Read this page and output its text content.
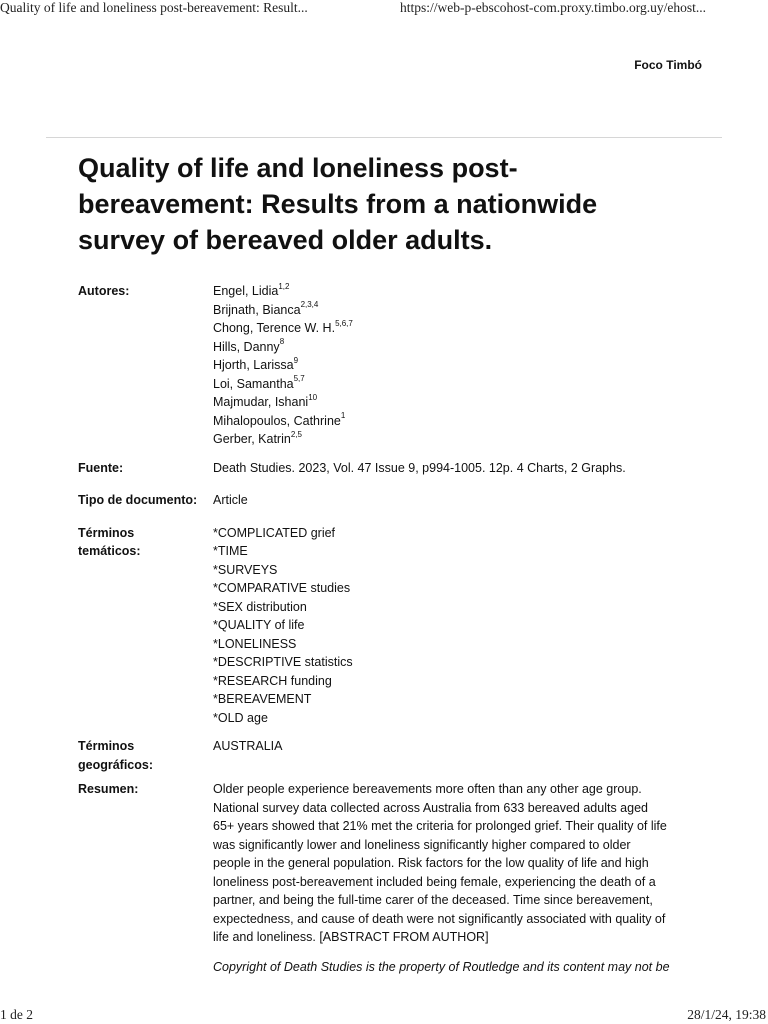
Quality of life and loneliness post-bereavement: Result...	https://web-p-ebscohost-com.proxy.timbo.org.uy/ehost...
Foco Timbó
Quality of life and loneliness post-bereavement: Results from a nationwide survey of bereaved older adults.
Autores:	Engel, Lidia$^{1,2}$
Brijnath, Bianca$^{2,3,4}$
Chong, Terence W. H.$^{5,6,7}$
Hills, Danny$^8$
Hjorth, Larissa$^9$
Loi, Samantha$^{5,7}$
Majmudar, Ishani$^{10}$
Mihalopoulos, Cathrine$^1$
Gerber, Katrin$^{2,5}$
Fuente:	Death Studies. 2023, Vol. 47 Issue 9, p994-1005. 12p. 4 Charts, 2 Graphs.
Tipo de documento:	Article
Términos
temáticos:
*COMPLICATED grief
*TIME
*SURVEYS
*COMPARATIVE studies
*SEX distribution
*QUALITY of life
*LONELINESS
*DESCRIPTIVE statistics
*RESEARCH funding
*BEREAVEMENT
*OLD age
Términos
geográficos:
AUSTRALIA
Resumen:	Older people experience bereavements more often than any other age group.
National survey data collected across Australia from 633 bereaved adults aged
65+ years showed that 21% met the criteria for prolonged grief. Their quality of life
was significantly lower and loneliness significantly higher compared to older
people in the general population. Risk factors for the low quality of life and high
loneliness post-bereavement included being female, experiencing the death of a
partner, and being the full-time carer of the deceased. Time since bereavement,
expectedness, and cause of death were not significantly associated with quality of
life and loneliness. [ABSTRACT FROM AUTHOR]

Copyright of Death Studies is the property of Routledge and its content may not be

1 de 2	28/1/24, 19:38
